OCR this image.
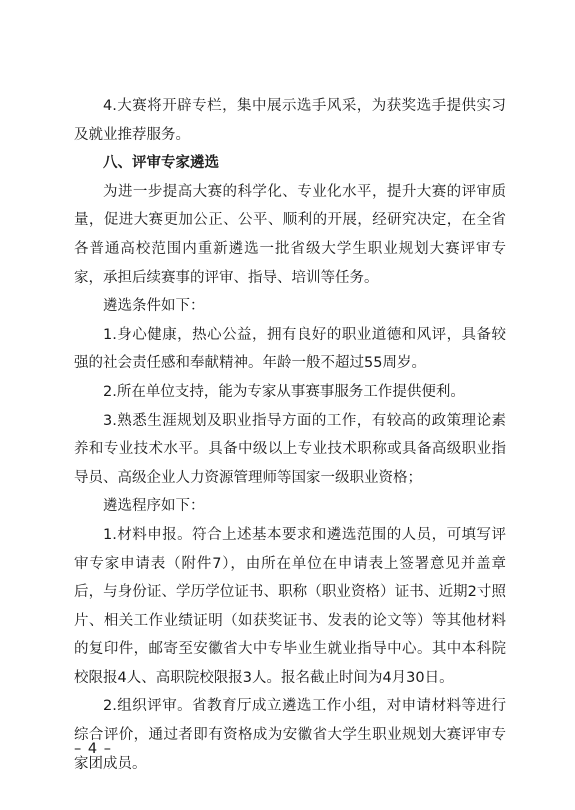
4.大赛将开辟专栏，集中展示选手风采，为获奖选手提供实习及就业推荐服务。

八、评审专家遴选

为进一步提高大赛的科学化、专业化水平，提升大赛的评审质量，促进大赛更加公正、公平、顺利的开展，经研究决定，在全省各普通高校范围内重新遴选一批省级大学生职业规划大赛评审专家，承担后续赛事的评审、指导、培训等任务。

遴选条件如下：

1.身心健康，热心公益，拥有良好的职业道德和风评，具备较强的社会责任感和奉献精神。年龄一般不超过55周岁。

2.所在单位支持，能为专家从事赛事服务工作提供便利。

3.熟悉生涯规划及职业指导方面的工作，有较高的政策理论素养和专业技术水平。具备中级以上专业技术职称或具备高级职业指导员、高级企业人力资源管理师等国家一级职业资格；

遴选程序如下：

1.材料申报。符合上述基本要求和遴选范围的人员，可填写评审专家申请表（附件7），由所在单位在申请表上签署意见并盖章后，与身份证、学历学位证书、职称（职业资格）证书、近期2寸照片、相关工作业绩证明（如获奖证书、发表的论文等）等其他材料的复印件，邮寄至安徽省大中专毕业生就业指导中心。其中本科院校限报4人、高职院校限报3人。报名截止时间为4月30日。

2.组织评审。省教育厅成立遴选工作小组，对申请材料等进行综合评价，通过者即有资格成为安徽省大学生职业规划大赛评审专家团成员。

– 4 –
